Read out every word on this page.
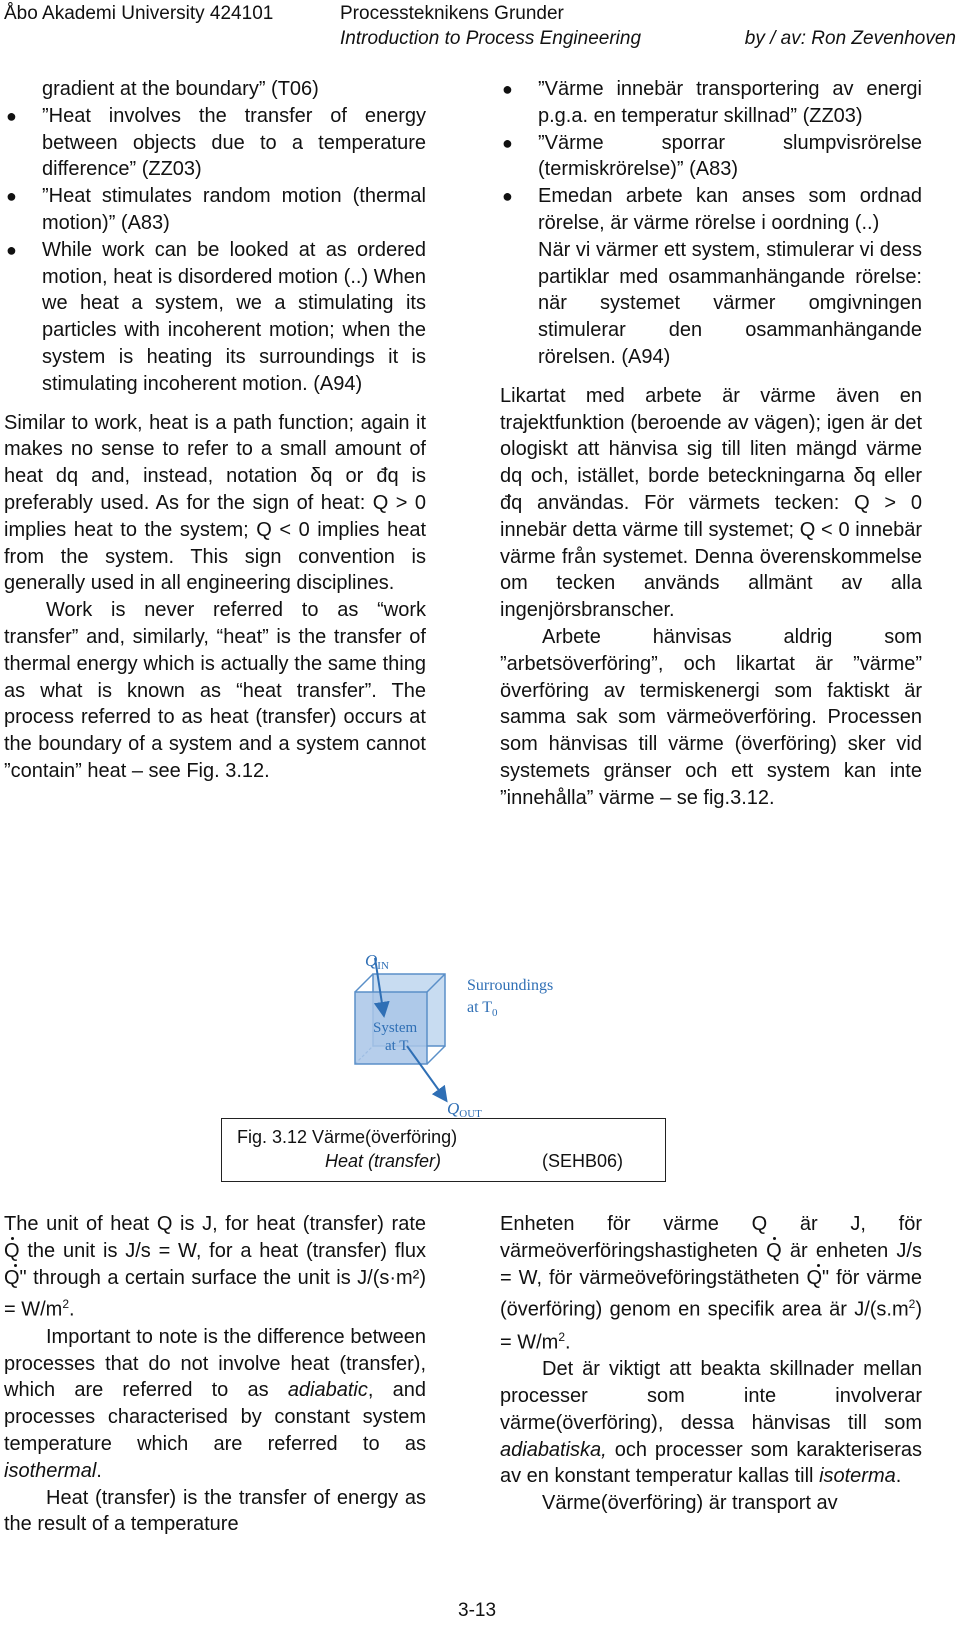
Åbo Akademi University 424101	Processteknikens Grunder
Introduction to Process Engineering	by / av: Ron Zevenhoven

gradient at the boundary” (T06)

● ”Heat involves the transfer of energy between objects due to a temperature difference” (ZZ03)
● ”Heat stimulates random motion (thermal motion)” (A83)
● While work can be looked at as ordered motion, heat is disordered motion (..) When we heat a system, we a stimulating its particles with incoherent motion; when the system is heating its surroundings it is stimulating incoherent motion. (A94)

Similar to work, heat is a path function; again it makes no sense to refer to a small amount of heat dq and, instead, notation δq or đq is preferably used. As for the sign of heat: Q > 0 implies heat to the system; Q < 0 implies heat from the system. This sign convention is generally used in all engineering disciplines.

Work is never referred to as “work transfer” and, similarly, “heat” is the transfer of thermal energy which is actually the same thing as what is known as “heat transfer”. The process referred to as heat (transfer) occurs at the boundary of a system and a system cannot ”contain” heat – see Fig. 3.12.

● ”Värme innebär transportering av energi p.g.a. en temperatur skillnad” (ZZ03)
● ”Värme sporrar slumpvisrörelse (termiskrörelse)” (A83)
● Emedan arbete kan anses som ordnad rörelse, är värme rörelse i oordning (..)

När vi värmer ett system, stimulerar vi dess partiklar med osammanhängande rörelse: när systemet värmer omgivningen stimulerar den osammanhängande rörelsen. (A94)

Likartat med arbete är värme även en trajektfunktion (beroende av vägen); igen är det ologiskt att hänvisa sig till liten mängd värme dq och, istället, borde beteckningarna δq eller đq användas. För värmets tecken: Q > 0 innebär detta värme till systemet; Q < 0 innebär värme från systemet. Denna överenskommelse om tecken används allmänt av alla ingenjörsbranscher.

Arbete hänvisas aldrig som ”arbetsöverföring”, och likartat är ”värme” överföring av termiskenergi som faktiskt är samma sak som värmeöverföring. Processen som hänvisas till värme (överföring) sker vid systemets gränser och ett system kan inte ”innehålla” värme – se fig.3.12.

QIN
System
at T
Surroundings
at $T_0$
QOUT
Fig. 3.12 Värme(överföring)
Heat (transfer)	(SEHB06)

The unit of heat Q is J, for heat (transfer) rate Q the unit is J/s = W, for a heat (transfer) flux Q" through a certain surface the unit is $J/(s\cdot m^2) = W/m^2$.

Important to note is the difference between processes that do not involve heat (transfer), which are referred to as adiabatic, and processes characterised by constant system temperature which are referred to as isothermal.

Heat (transfer) is the transfer of energy as the result of a temperature

Enheten för värme Q är J, för värmeöverföringshastigheten Q är enheten J/s = W, för värmeöveföringstätheten Q" för värme (överföring) genom en specifik area är $J/(s.m^2) = W/m^2$.

Det är viktigt att beakta skillnader mellan processer som inte involverar värme(överföring), dessa hänvisas till som adiabatiska, och processer som karakteriseras av en konstant temperatur kallas till isoterma.

Värme(överföring) är transport av

3-13
